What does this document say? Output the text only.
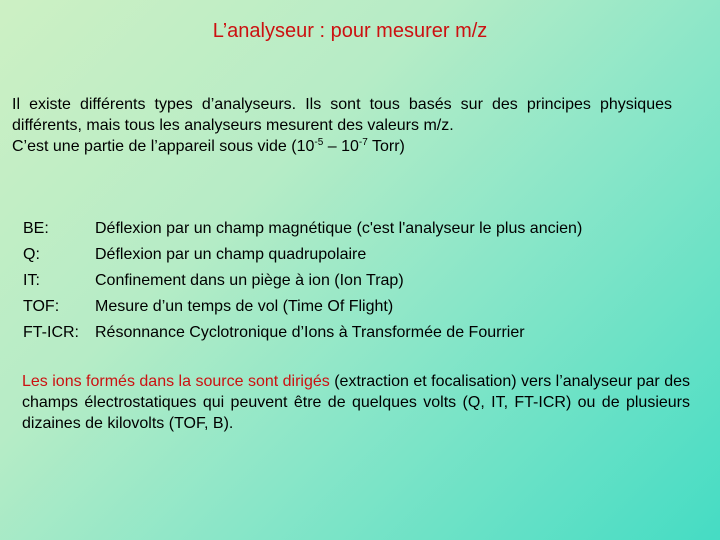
L’analyseur : pour mesurer m/z

Il existe différents types d’analyseurs. Ils sont tous basés sur des principes physiques différents, mais tous les analyseurs mesurent des valeurs m/z.

C’est une partie de l’appareil sous vide ($10^{-5} - 10^{-7}$ Torr)

BE:	Déflexion par un champ magnétique (c'est l'analyseur le plus ancien)
Q:	Déflexion par un champ quadrupolaire
IT:	Confinement dans un piège à ion (Ion Trap)
TOF:	Mesure d’un temps de vol (Time Of Flight)
FT-ICR:	Résonnance Cyclotronique d’Ions à Transformée de Fourrier
Les ions formés dans la source sont dirigés (extraction et focalisation) vers l’analyseur par des champs électrostatiques qui peuvent être de quelques volts (Q, IT, FT-ICR) ou de plusieurs dizaines de kilovolts (TOF, B).
